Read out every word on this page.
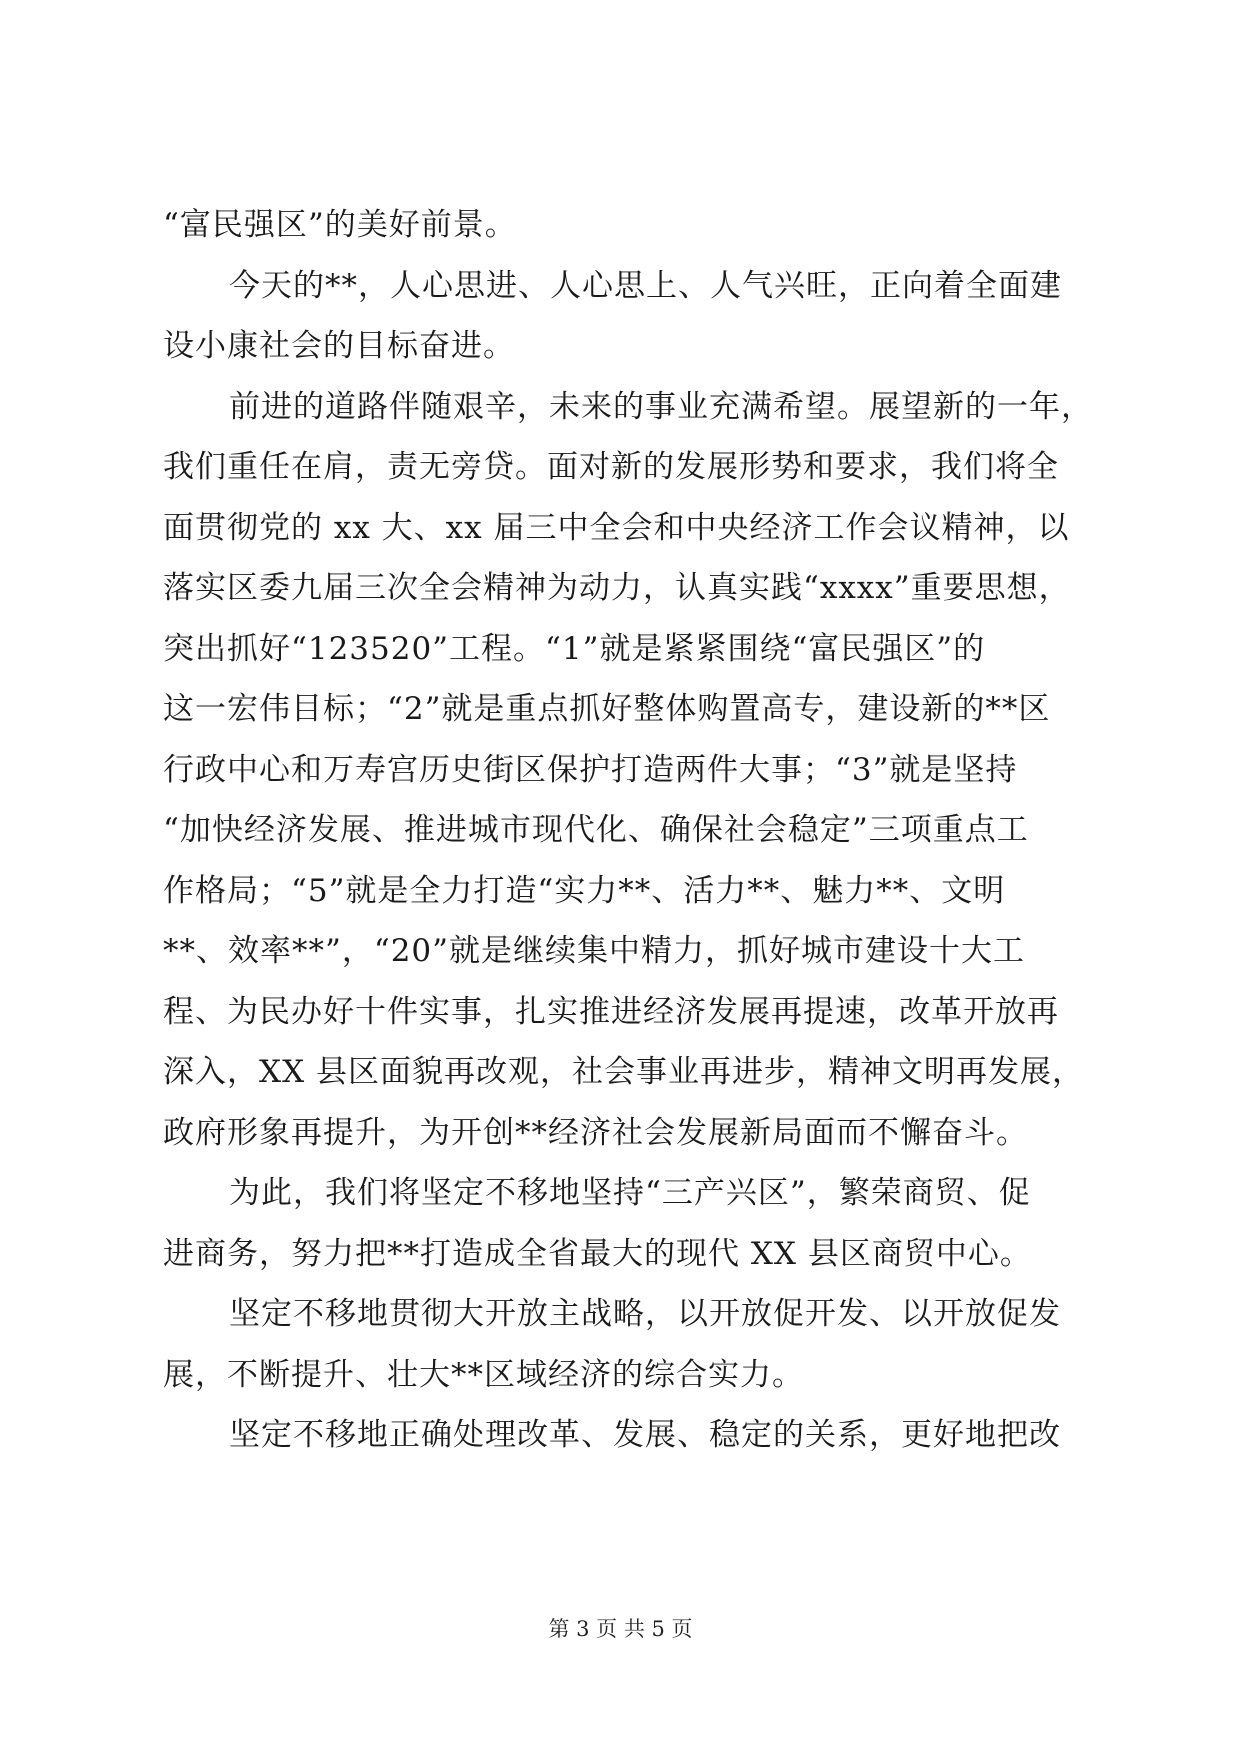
“富民强区”的美好前景。
今天的**，人心思进、人心思上、人气兴旺，正向着全面建
设小康社会的目标奋进。
前进的道路伴随艰辛，未来的事业充满希望。展望新的一年，
我们重任在肩，责无旁贷。面对新的发展形势和要求，我们将全
面贯彻党的 xx 大、xx 届三中全会和中央经济工作会议精神，以
落实区委九届三次全会精神为动力，认真实践“xxxx”重要思想，
突出抓好“123520”工程。“1”就是紧紧围绕“富民强区”的
这一宏伟目标；“2”就是重点抓好整体购置高专，建设新的**区
行政中心和万寿宫历史街区保护打造两件大事；“3”就是坚持
“加快经济发展、推进城市现代化、确保社会稳定”三项重点工
作格局；“5”就是全力打造“实力**、活力**、魅力**、文明
**、效率**”，“20”就是继续集中精力，抓好城市建设十大工
程、为民办好十件实事，扎实推进经济发展再提速，改革开放再
深入，XX 县区面貌再改观，社会事业再进步，精神文明再发展，
政府形象再提升，为开创**经济社会发展新局面而不懈奋斗。
为此，我们将坚定不移地坚持“三产兴区”，繁荣商贸、促
进商务，努力把**打造成全省最大的现代 XX 县区商贸中心。
坚定不移地贯彻大开放主战略，以开放促开发、以开放促发
展，不断提升、壮大**区域经济的综合实力。
坚定不移地正确处理改革、发展、稳定的关系，更好地把改
第 3 页 共 5 页
